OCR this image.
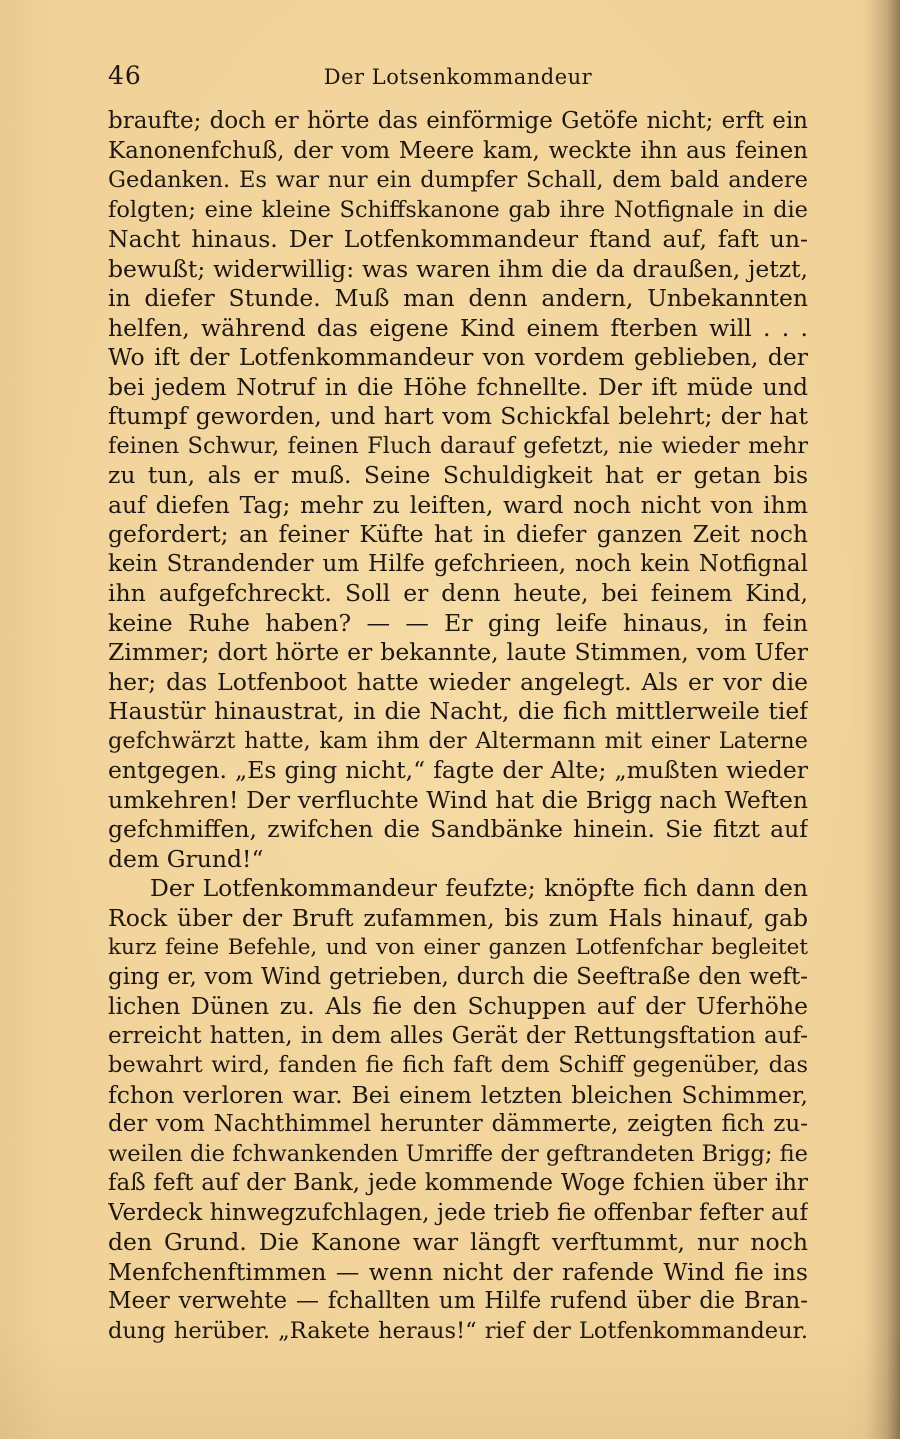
46	Der Lotsenkommandeur
braufte; doch er hörte das einförmige Getöfe nicht; erft ein
Kanonenfchuß, der vom Meere kam, weckte ihn aus feinen
Gedanken. Es war nur ein dumpfer Schall, dem bald andere
folgten; eine kleine Schiffskanone gab ihre Notfignale in die
Nacht hinaus. Der Lotfenkommandeur ftand auf, faft un-
bewußt; widerwillig: was waren ihm die da draußen, jetzt,
in diefer Stunde. Muß man denn andern, Unbekannten
helfen, während das eigene Kind einem fterben will . . .
Wo ift der Lotfenkommandeur von vordem geblieben, der
bei jedem Notruf in die Höhe fchnellte. Der ift müde und
ftumpf geworden, und hart vom Schickfal belehrt; der hat
feinen Schwur, feinen Fluch darauf gefetzt, nie wieder mehr
zu tun, als er muß. Seine Schuldigkeit hat er getan bis
auf diefen Tag; mehr zu leiften, ward noch nicht von ihm
gefordert; an feiner Küfte hat in diefer ganzen Zeit noch
kein Strandender um Hilfe gefchrieen, noch kein Notfignal
ihn aufgefchreckt. Soll er denn heute, bei feinem Kind,
keine Ruhe haben? — — Er ging leife hinaus, in fein
Zimmer; dort hörte er bekannte, laute Stimmen, vom Ufer
her; das Lotfenboot hatte wieder angelegt. Als er vor die
Haustür hinaustrat, in die Nacht, die fich mittlerweile tief
gefchwärzt hatte, kam ihm der Altermann mit einer Laterne
entgegen. „Es ging nicht,“ fagte der Alte; „mußten wieder
umkehren! Der verfluchte Wind hat die Brigg nach Weften
gefchmiffen, zwifchen die Sandbänke hinein. Sie fitzt auf
dem Grund!“
Der Lotfenkommandeur feufzte; knöpfte fich dann den
Rock über der Bruft zufammen, bis zum Hals hinauf, gab
kurz feine Befehle, und von einer ganzen Lotfenfchar begleitet
ging er, vom Wind getrieben, durch die Seeftraße den weft-
lichen Dünen zu. Als fie den Schuppen auf der Uferhöhe
erreicht hatten, in dem alles Gerät der Rettungsftation auf-
bewahrt wird, fanden fie fich faft dem Schiff gegenüber, das
fchon verloren war. Bei einem letzten bleichen Schimmer,
der vom Nachthimmel herunter dämmerte, zeigten fich zu-
weilen die fchwankenden Umriffe der geftrandeten Brigg; fie
faß feft auf der Bank, jede kommende Woge fchien über ihr
Verdeck hinwegzufchlagen, jede trieb fie offenbar fefter auf
den Grund. Die Kanone war längft verftummt, nur noch
Menfchenftimmen — wenn nicht der rafende Wind fie ins
Meer verwehte — fchallten um Hilfe rufend über die Bran-
dung herüber. „Rakete heraus!“ rief der Lotfenkommandeur.
